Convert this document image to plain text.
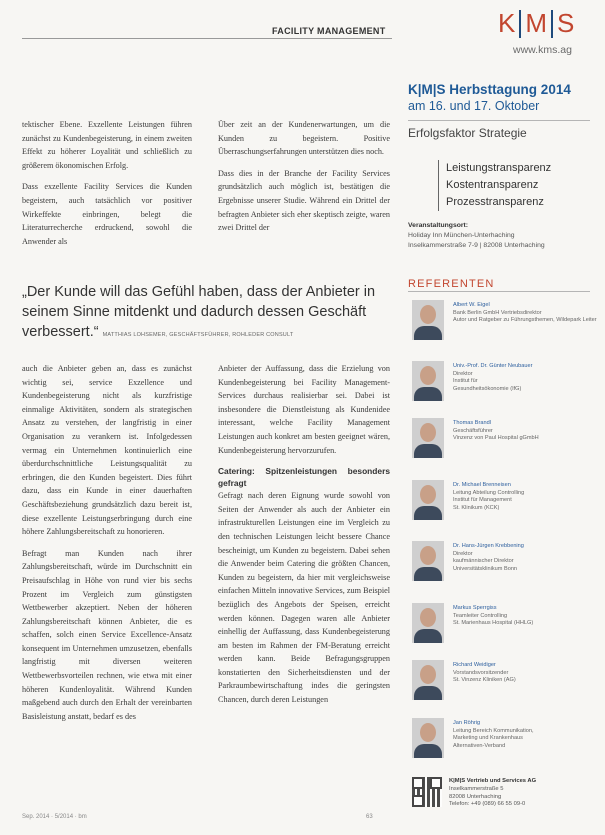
FACILITY MANAGEMENT

tektischer Ebene. Exzellente Leistungen führen zunächst zu Kundenbegeisterung, in einem zweiten Effekt zu höherer Loyalität und schließlich zu größerem ökonomischen Erfolg.

Dass exzellente Facility Services die Kunden begeistern, auch tatsächlich vor positiver Wirkeffekte einbringen, belegt die Literaturrecherche erdruckend, sowohl die Anwender als

Über zeit an der Kundenerwartungen, um die Kunden zu begeistern. Positive Überraschungserfahrungen unterstützen dies noch.

Dass dies in der Branche der Facility Services grundsätzlich auch möglich ist, bestätigen die Ergebnisse unserer Studie. Während ein Drittel der befragten Anbieter sich eher skeptisch zeigte, waren zwei Drittel der

„Der Kunde will das Gefühl haben, dass der Anbieter in seinem Sinne mitdenkt und dadurch dessen Geschäft verbessert.“ MATTHIAS LOHSEMER, GESCHÄFTSFÜHRER, ROHLEDER CONSULT

auch die Anbieter geben an, dass es zunächst wichtig sei, service Exzellence und Kundenbegeisterung nicht als kurzfristige einmalige Aktivitäten, sondern als strategischen Ansatz zu verstehen, der langfristig in einer Organisation zu verankern ist. Infolgedessen vermag ein Unternehmen kontinuierlich eine überdurchschnittliche Leistungsqualität zu erbringen, die den Kunden begeistert. Dies führt dazu, dass ein Kunde in einer dauerhaften Geschäftsbeziehung grundsätzlich dazu bereit ist, diese exzellente Leistungserbringung durch eine höhere Zahlungsbereitschaft zu honorieren.

Befragt man Kunden nach ihrer Zahlungsbereitschaft, würde im Durchschnitt ein Preisaufschlag in Höhe von rund vier bis sechs Prozent im Vergleich zum günstigsten Wettbewerber akzeptiert. Neben der höheren Zahlungsbereitschaft können Anbieter, die es schaffen, solch einen Service Excellence-Ansatz konsequent im Unternehmen umzusetzen, ebenfalls langfristig mit diversen weiteren Wettbewerbsvorteilen rechnen, wie etwa mit einer höheren Kundenloyalität. Während Kunden maßgebend auch durch den Erhalt der vereinbarten Basisleistung anstatt, bedarf es des

Anbieter der Auffassung, dass die Erzielung von Kundenbegeisterung bei Facility Management-Services durchaus realisierbar sei. Dabei ist insbesondere die Dienstleistung als Kundenidee interessant, welche Facility Management Leistungen auch konkret am besten geeignet wären, Kundenbegeisterung hervorzurufen.

Catering: Spitzenleistungen besonders gefragt

Gefragt nach deren Eignung wurde sowohl von Seiten der Anwender als auch der Anbieter ein infrastrukturellen Leistungen eine im Vergleich zu den technischen Leistungen leicht bessere Chance bescheinigt, um Kunden zu begeistern. Dabei sehen die Anwender beim Catering die größten Chancen, Kunden zu begeistern, da hier mit vergleichsweise einfachen Mitteln innovative Services, zum Beispiel bezüglich des Angebots der Speisen, erreicht werden können. Dagegen waren alle Anbieter einhellig der Auffassung, dass Kundenbegeisterung am besten im Rahmen der FM-Beratung erreicht werden kann. Beide Befragungsgruppen konstatierten den Sicherheitsdiensten und der Parkraumbewirtschaftung indes die geringsten Chancen, durch deren Leistungen

Sep. 2014 · 5/2014 · bm	63
K M S
www.kms.ag
K|M|S Herbsttagung 2014
am 16. und 17. Oktober
Erfolgsfaktor Strategie
Leistungstransparenz
Kostentransparenz
Prozesstransparenz
Veranstaltungsort:
Holiday Inn München-Unterhaching
Inselkammerstraße 7-9 | 82008 Unterhaching
REFERENTEN
Albert W. Eigel
Bank Berlin GmbH Vertriebsdirektor
Autor und Ratgeber zu Führungsthemen, Wildepark Leiter
Univ.-Prof. Dr. Günter Neubauer
Direktor
Institut für
Gesundheitsökonomie (IfG)
Thomas Brandl
Geschäftsführer
Vinzenz von Paul Hospital gGmbH
Dr. Michael Brenneisen
Leitung Abteilung Controlling
Institut für Management
St. Klinikum (KCK)
Dr. Hans-Jürgen Krebbening
Direktor
kaufmännischer Direktor
Universitätsklinikum Bonn
Markus Sperrgiss
Teamleiter Controlling
St. Marienhaus Hospital (HHLG)
Richard Weidiger
Vorstandsvorsitzender
St. Vinzenz Kliniken (AG)
Jan Röhrig
Leitung Bereich Kommunikation,
Marketing und Krankenhaus
Alternativen-Verband
K|M|S Vertrieb und Services AG
Inselkammerstraße 5
82008 Unterhaching
Telefon: +49 (089) 66 55 09-0
